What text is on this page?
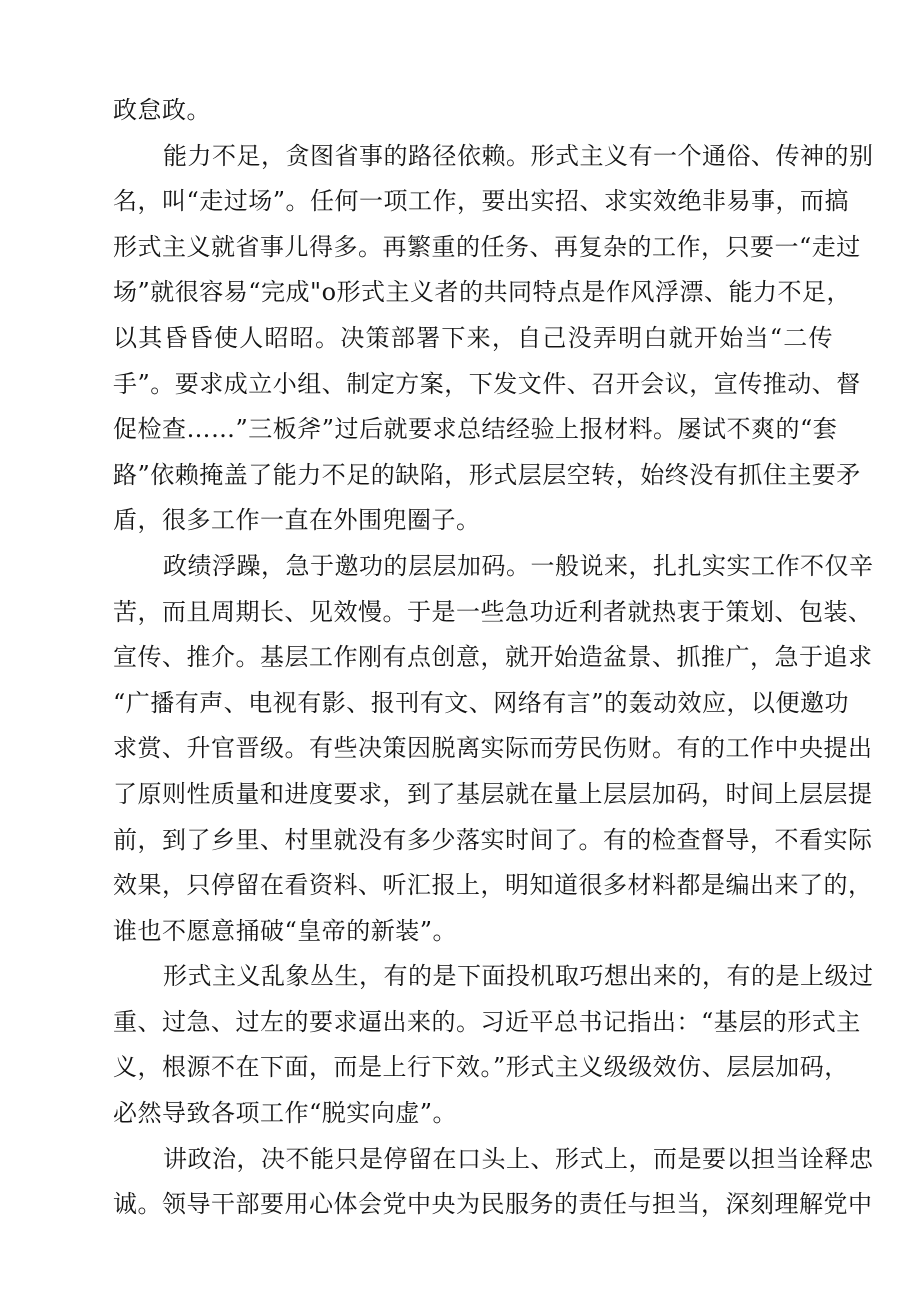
政怠政。
能力不足，贪图省事的路径依赖。形式主义有一个通俗、传神的别
名，叫“走过场”。任何一项工作，要出实招、求实效绝非易事，而搞
形式主义就省事儿得多。再繁重的任务、再复杂的工作，只要一“走过
场”就很容易“完成"o形式主义者的共同特点是作风浮漂、能力不足，
以其昏昏使人昭昭。决策部署下来，自己没弄明白就开始当“二传
手”。要求成立小组、制定方案，下发文件、召开会议，宣传推动、督
促检查……”三板斧”过后就要求总结经验上报材料。屡试不爽的“套
路”依赖掩盖了能力不足的缺陷，形式层层空转，始终没有抓住主要矛
盾，很多工作一直在外围兜圈子。
政绩浮躁，急于邀功的层层加码。一般说来，扎扎实实工作不仅辛
苦，而且周期长、见效慢。于是一些急功近利者就热衷于策划、包装、
宣传、推介。基层工作刚有点创意，就开始造盆景、抓推广，急于追求
“广播有声、电视有影、报刊有文、网络有言”的轰动效应，以便邀功
求赏、升官晋级。有些决策因脱离实际而劳民伤财。有的工作中央提出
了原则性质量和进度要求，到了基层就在量上层层加码，时间上层层提
前，到了乡里、村里就没有多少落实时间了。有的检查督导，不看实际
效果，只停留在看资料、听汇报上，明知道很多材料都是编出来了的，
谁也不愿意捅破“皇帝的新装”。
形式主义乱象丛生，有的是下面投机取巧想出来的，有的是上级过
重、过急、过左的要求逼出来的。习近平总书记指出：“基层的形式主
义，根源不在下面，而是上行下效。”形式主义级级效仿、层层加码，
必然导致各项工作“脱实向虚”。
讲政治，决不能只是停留在口头上、形式上，而是要以担当诠释忠
诚。领导干部要用心体会党中央为民服务的责任与担当，深刻理解党中
